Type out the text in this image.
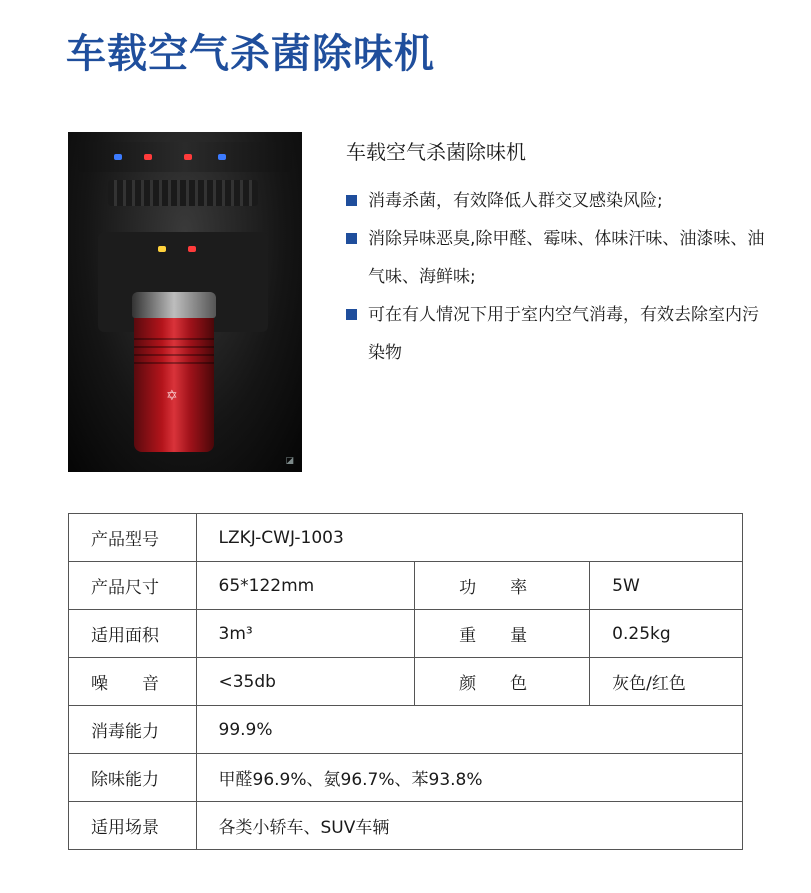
车载空气杀菌除味机
✡
◪
车载空气杀菌除味机
消毒杀菌，有效降低人群交叉感染风险;
消除异味恶臭,除甲醛、霉味、体味汗味、油漆味、油气味、海鲜味;
可在有人情况下用于室内空气消毒，有效去除室内污染物
产品型号	LZKJ-CWJ-1003		
产品尺寸	65*122mm	功　　率	5W
适用面积	3m³	重　　量	0.25kg
噪　　音	<35db	颜　　色	灰色/红色
消毒能力	99.9%		
除味能力	甲醛96.9%、氨96.7%、苯93.8%		
适用场景	各类小轿车、SUV车辆		
